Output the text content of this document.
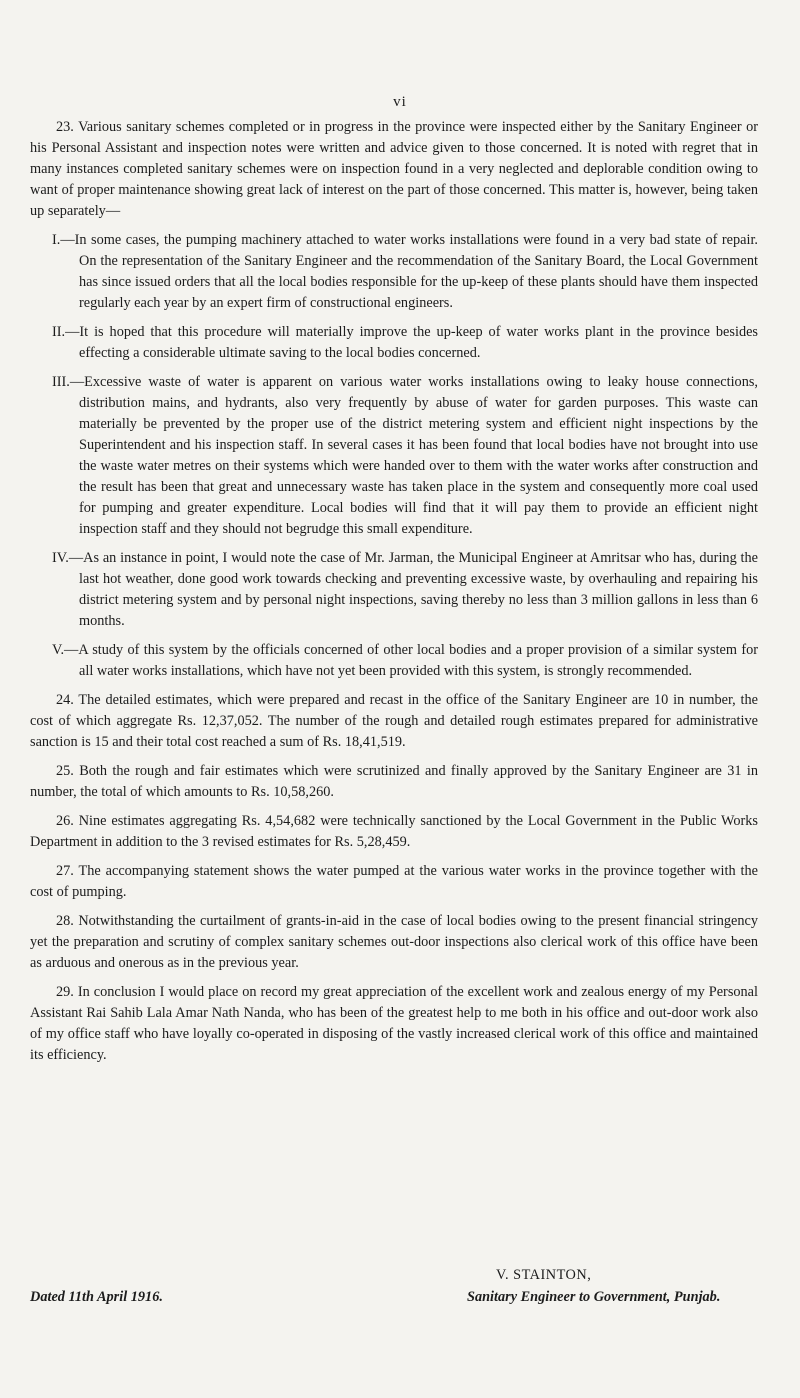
vi

23. Various sanitary schemes completed or in progress in the province were inspected either by the Sanitary Engineer or his Personal Assistant and inspection notes were written and advice given to those concerned. It is noted with regret that in many instances completed sanitary schemes were on inspection found in a very neglected and deplorable condition owing to want of proper maintenance showing great lack of interest on the part of those concerned. This matter is, however, being taken up separately—

I.—In some cases, the pumping machinery attached to water works installations were found in a very bad state of repair. On the representation of the Sanitary Engineer and the recommendation of the Sanitary Board, the Local Government has since issued orders that all the local bodies responsible for the up-keep of these plants should have them inspected regularly each year by an expert firm of constructional engineers.
II.—It is hoped that this procedure will materially improve the up-keep of water works plant in the province besides effecting a considerable ultimate saving to the local bodies concerned.
III.—Excessive waste of water is apparent on various water works installations owing to leaky house connections, distribution mains, and hydrants, also very frequently by abuse of water for garden purposes. This waste can materially be prevented by the proper use of the district metering system and efficient night inspections by the Superintendent and his inspection staff. In several cases it has been found that local bodies have not brought into use the waste water metres on their systems which were handed over to them with the water works after construction and the result has been that great and unnecessary waste has taken place in the system and consequently more coal used for pumping and greater expenditure. Local bodies will find that it will pay them to provide an efficient night inspection staff and they should not begrudge this small expenditure.
IV.—As an instance in point, I would note the case of Mr. Jarman, the Municipal Engineer at Amritsar who has, during the last hot weather, done good work towards checking and preventing excessive waste, by overhauling and repairing his district metering system and by personal night inspections, saving thereby no less than 3 million gallons in less than 6 months.
V.—A study of this system by the officials concerned of other local bodies and a proper provision of a similar system for all water works installations, which have not yet been provided with this system, is strongly recommended.

24. The detailed estimates, which were prepared and recast in the office of the Sanitary Engineer are 10 in number, the cost of which aggregate Rs. 12,37,052. The number of the rough and detailed rough estimates prepared for administrative sanction is 15 and their total cost reached a sum of Rs. 18,41,519.

25. Both the rough and fair estimates which were scrutinized and finally approved by the Sanitary Engineer are 31 in number, the total of which amounts to Rs. 10,58,260.

26. Nine estimates aggregating Rs. 4,54,682 were technically sanctioned by the Local Government in the Public Works Department in addition to the 3 revised estimates for Rs. 5,28,459.

27. The accompanying statement shows the water pumped at the various water works in the province together with the cost of pumping.

28. Notwithstanding the curtailment of grants-in-aid in the case of local bodies owing to the present financial stringency yet the preparation and scrutiny of complex sanitary schemes out-door inspections also clerical work of this office have been as arduous and onerous as in the previous year.

29. In conclusion I would place on record my great appreciation of the excellent work and zealous energy of my Personal Assistant Rai Sahib Lala Amar Nath Nanda, who has been of the greatest help to me both in his office and out-door work also of my office staff who have loyally co-operated in disposing of the vastly increased clerical work of this office and maintained its efficiency.

V. STAINTON,
Dated 11th April 1916.	Sanitary Engineer to Government, Punjab.
